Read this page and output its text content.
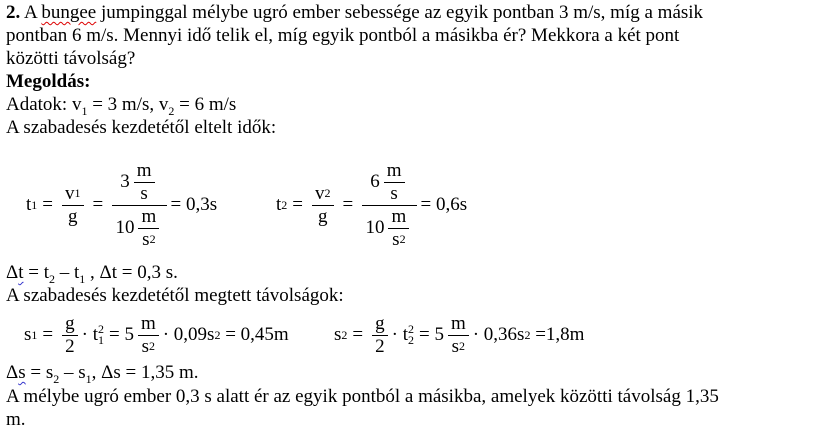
2. A bungee jumpinggal mélybe ugró ember sebessége az egyik pontban 3 m/s, míg a másik
pontban 6 m/s. Mennyi idő telik el, míg egyik pontból a másikba ér? Mekkora a két pont
közötti távolság?
Megoldás:
Adatok: $v_1 = 3$ m/s, $v_2 = 6$ m/s
A szabadesés kezdetétől eltelt idők:
t $1 = \frac{v 1}{g} = 3$
m
s
10
m
s 2 = 0,3s	t $2 = \frac{v 2}{g} = 6$
m
s
10
m
s 2 = 0,6s
$\Delta t = t_2 - t_1$ , Δt = 0,3 s.
A szabadesés kezdetétől megtett távolságok:
s $1 = \frac{g}{2} \cdot t$ 2
1 = 5
m
s 2
· 0,09s 2
= 0,45m s $2 = \frac{g}{2} \cdot t$ 2
2 = 5
m
s 2
· 0,36s 2
=1,8m
$\Delta s = s_2 - s_1$, Δs = 1,35 m.
A mélybe ugró ember 0,3 s alatt ér az egyik pontból a másikba, amelyek közötti távolság 1,35
m.
